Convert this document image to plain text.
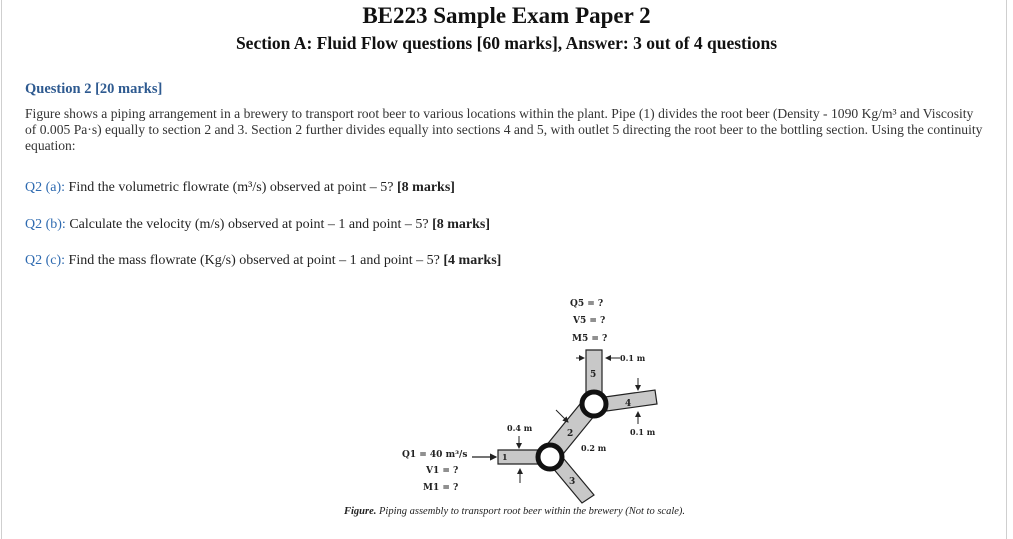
BE223 Sample Exam Paper 2
Section A: Fluid Flow questions [60 marks], Answer: 3 out of 4 questions
Question 2 [20 marks]
Figure shows a piping arrangement in a brewery to transport root beer to various locations within the plant. Pipe (1) divides the root beer (Density - 1090 Kg/m³ and Viscosity of 0.005 Pa·s) equally to section 2 and 3. Section 2 further divides equally into sections 4 and 5, with outlet 5 directing the root beer to the bottling section. Using the continuity equation:
Q2 (a): Find the volumetric flowrate (m³/s) observed at point – 5? [8 marks]
Q2 (b): Calculate the velocity (m/s) observed at point – 1 and point – 5? [8 marks]
Q2 (c): Find the mass flowrate (Kg/s) observed at point – 1 and point – 5? [4 marks]
Q5 = ?
V5 = ?
M5 = ?
0.1 m
5
4
0.1 m
2
0.2 m
0.4 m
1
3
Q1 = 40 m³/s
V1 = ?
M1 = ?
Figure. Piping assembly to transport root beer within the brewery (Not to scale).
